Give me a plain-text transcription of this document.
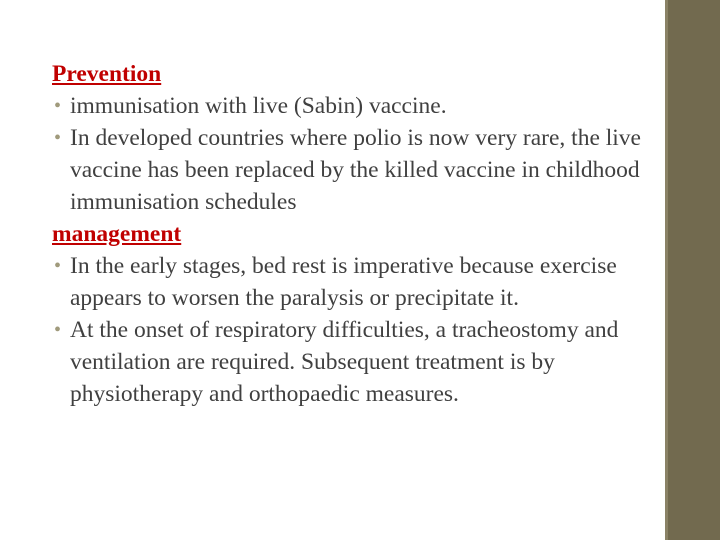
Prevention

• immunisation with live (Sabin) vaccine.

• In developed countries where polio is now very rare, the live vaccine has been replaced by the killed vaccine in childhood immunisation schedules

management

• In the early stages, bed rest is imperative because exercise appears to worsen the paralysis or precipitate it.

• At the onset of respiratory difficulties, a tracheostomy and ventilation are required. Subsequent treatment is by physiotherapy and orthopaedic measures.
